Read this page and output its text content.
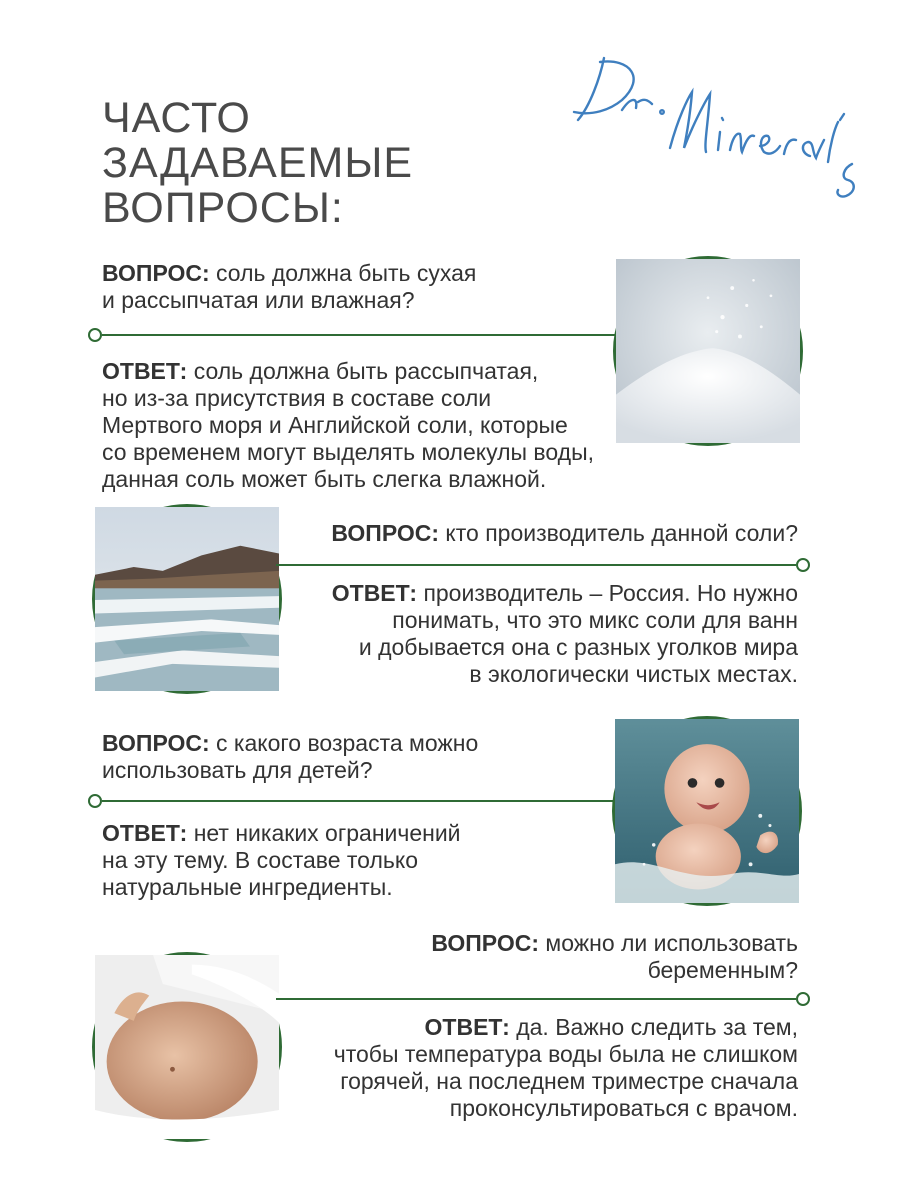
ЧАСТО
ЗАДАВАЕМЫЕ
ВОПРОСЫ:
Dr.Mineral's
ВОПРОС: соль должна быть сухая
и рассыпчатая или влажная?
ОТВЕТ: соль должна быть рассыпчатая,
но из-за присутствия в составе соли
Мертвого моря и Английской соли, которые
со временем могут выделять молекулы воды,
данная соль может быть слегка влажной.
ВОПРОС: кто производитель данной соли?
ОТВЕТ: производитель – Россия. Но нужно
понимать, что это микс соли для ванн
и добывается она с разных уголков мира
в экологически чистых местах.
ВОПРОС: с какого возраста можно
использовать для детей?
ОТВЕТ: нет никаких ограничений
на эту тему. В составе только
натуральные ингредиенты.
ВОПРОС: можно ли использовать
беременным?
ОТВЕТ: да. Важно следить за тем,
чтобы температура воды была не слишком
горячей, на последнем триместре сначала
проконсультироваться с врачом.
